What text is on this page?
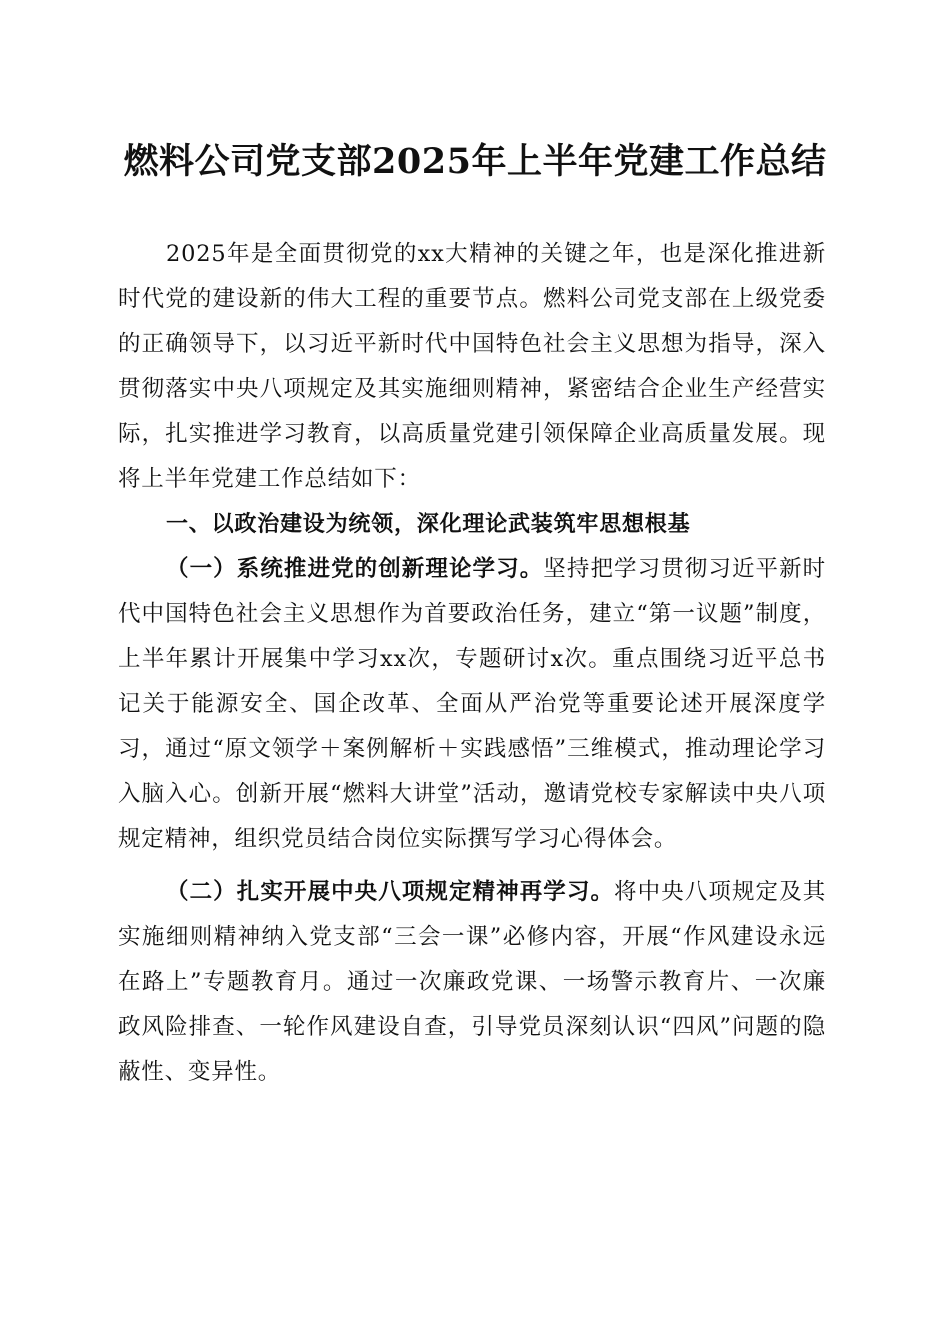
燃料公司党支部2025年上半年党建工作总结

2025年是全面贯彻党的xx大精神的关键之年，也是深化推进新时代党的建设新的伟大工程的重要节点。燃料公司党支部在上级党委的正确领导下，以习近平新时代中国特色社会主义思想为指导，深入贯彻落实中央八项规定及其实施细则精神，紧密结合企业生产经营实际，扎实推进学习教育，以高质量党建引领保障企业高质量发展。现将上半年党建工作总结如下：

一、以政治建设为统领，深化理论武装筑牢思想根基

（一）系统推进党的创新理论学习。坚持把学习贯彻习近平新时代中国特色社会主义思想作为首要政治任务，建立“第一议题”制度，上半年累计开展集中学习xx次，专题研讨x次。重点围绕习近平总书记关于能源安全、国企改革、全面从严治党等重要论述开展深度学习，通过“原文领学＋案例解析＋实践感悟”三维模式，推动理论学习入脑入心。创新开展“燃料大讲堂”活动，邀请党校专家解读中央八项规定精神，组织党员结合岗位实际撰写学习心得体会。

（二）扎实开展中央八项规定精神再学习。将中央八项规定及其实施细则精神纳入党支部“三会一课”必修内容，开展“作风建设永远在路上”专题教育月。通过一次廉政党课、一场警示教育片、一次廉政风险排查、一轮作风建设自查，引导党员深刻认识“四风”问题的隐蔽性、变异性。
